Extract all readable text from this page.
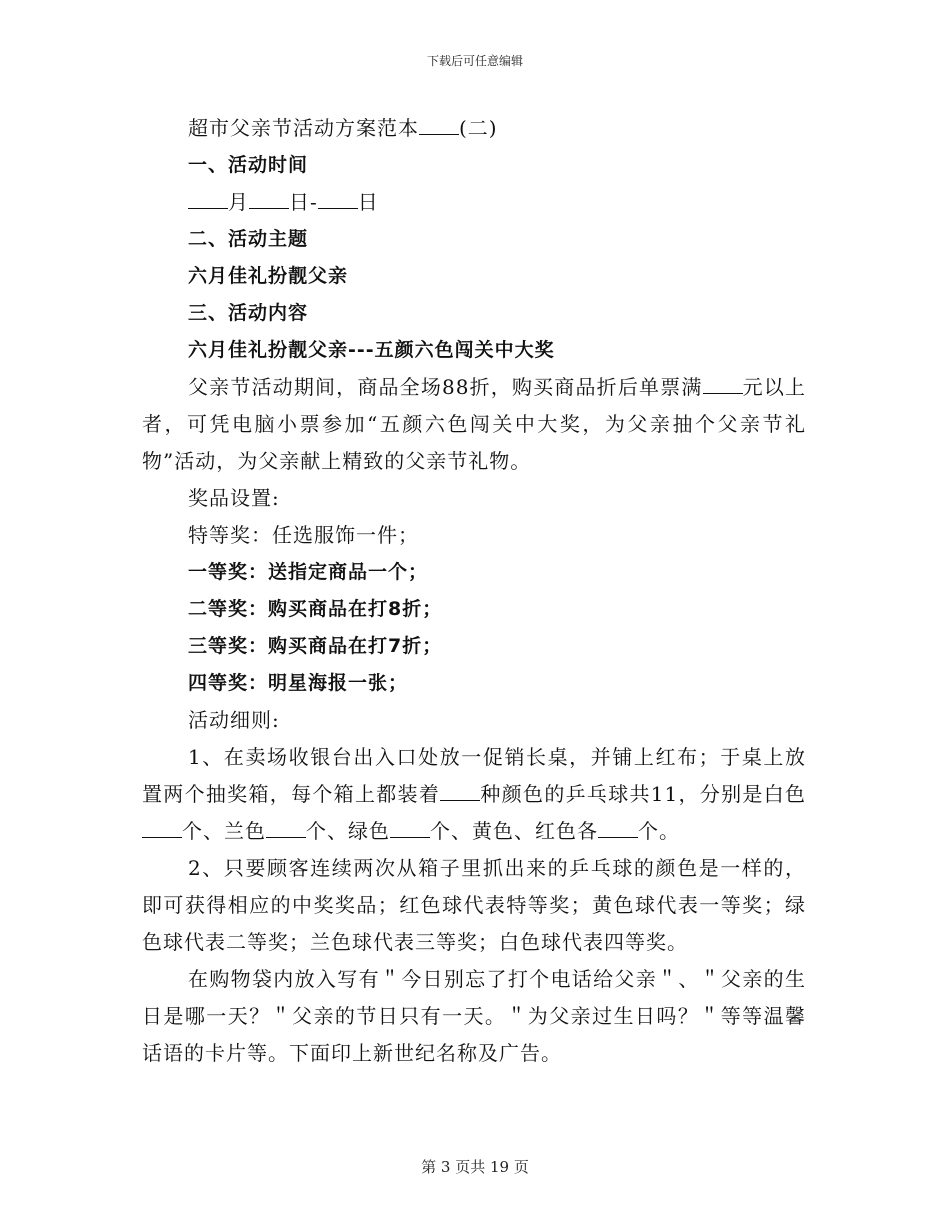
下载后可任意编辑

超市父亲节活动方案范本 (二)

一、活动时间

月 日- 日

二、活动主题

六月佳礼扮靓父亲

三、活动内容

六月佳礼扮靓父亲---五颜六色闯关中大奖

父亲节活动期间，商品全场88折，购买商品折后单票满 元以上者，可凭电脑小票参加“五颜六色闯关中大奖，为父亲抽个父亲节礼物”活动，为父亲献上精致的父亲节礼物。

奖品设置:

特等奖：任选服饰一件；

一等奖：送指定商品一个；

二等奖：购买商品在打8折；

三等奖：购买商品在打7折；

四等奖：明星海报一张；

活动细则:

1、在卖场收银台出入口处放一促销长桌，并铺上红布；于桌上放置两个抽奖箱，每个箱上都装着 种颜色的乒乓球共11，分别是白色个、兰色 个、绿色 个、黄色、红色各 个。

2、只要顾客连续两次从箱子里抓出来的乒乓球的颜色是一样的，即可获得相应的中奖奖品；红色球代表特等奖；黄色球代表一等奖；绿色球代表二等奖；兰色球代表三等奖；白色球代表四等奖。

在购物袋内放入写有＂今日别忘了打个电话给父亲＂、＂父亲的生日是哪一天？＂父亲的节日只有一天。＂为父亲过生日吗？＂等等温馨话语的卡片等。下面印上新世纪名称及广告。

第 3 页共 19 页
